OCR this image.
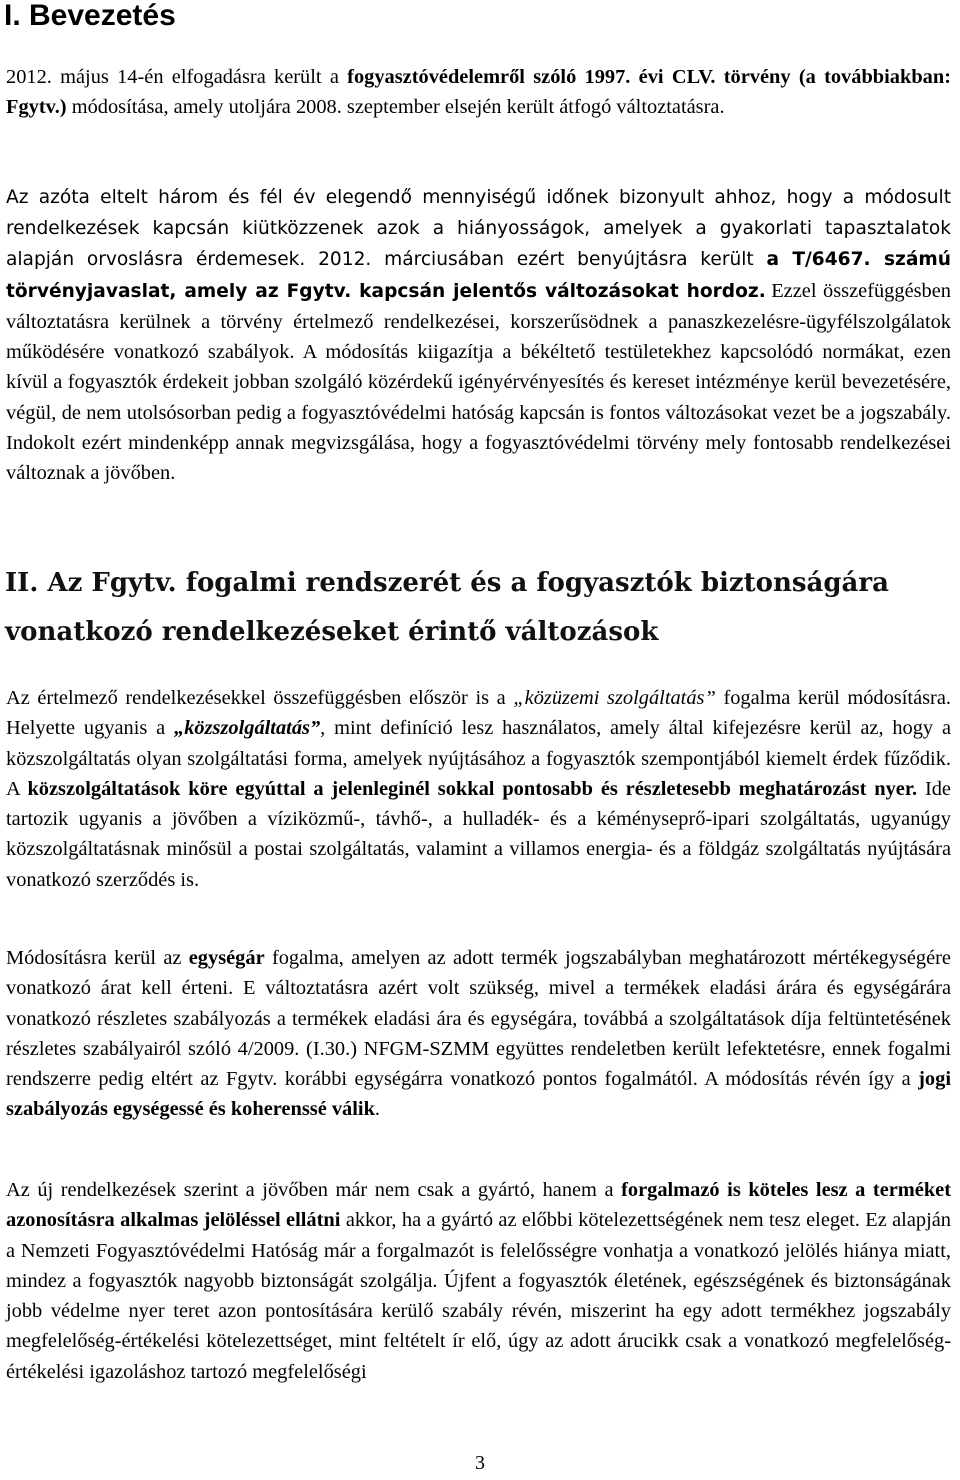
I. Bevezetés

2012. május 14-én elfogadásra került a fogyasztóvédelemről szóló 1997. évi CLV. törvény (a továbbiakban: Fgytv.) módosítása, amely utoljára 2008. szeptember elsején került átfogó változtatásra.

Az azóta eltelt három és fél év elegendő mennyiségű időnek bizonyult ahhoz, hogy a módosult rendelkezések kapcsán kiütközzenek azok a hiányosságok, amelyek a gyakorlati tapasztalatok alapján orvoslásra érdemesek. 2012. márciusában ezért benyújtásra került a T/6467. számú törvényjavaslat, amely az Fgytv. kapcsán jelentős változásokat hordoz. Ezzel összefüggésben változtatásra kerülnek a törvény értelmező rendelkezései, korszerűsödnek a panaszkezelésre-ügyfélszolgálatok működésére vonatkozó szabályok. A módosítás kiigazítja a békéltető testületekhez kapcsolódó normákat, ezen kívül a fogyasztók érdekeit jobban szolgáló közérdekű igényérvényesítés és kereset intézménye kerül bevezetésére, végül, de nem utolsósorban pedig a fogyasztóvédelmi hatóság kapcsán is fontos változásokat vezet be a jogszabály. Indokolt ezért mindenképp annak megvizsgálása, hogy a fogyasztóvédelmi törvény mely fontosabb rendelkezései változnak a jövőben.
II. Az Fgytv. fogalmi rendszerét és a fogyasztók biztonságára vonatkozó rendelkezéseket érintő változások

Az értelmező rendelkezésekkel összefüggésben először is a „közüzemi szolgáltatás” fogalma kerül módosításra. Helyette ugyanis a „közszolgáltatás”, mint definíció lesz használatos, amely által kifejezésre kerül az, hogy a közszolgáltatás olyan szolgáltatási forma, amelyek nyújtásához a fogyasztók szempontjából kiemelt érdek fűződik. A közszolgáltatások köre egyúttal a jelenleginél sokkal pontosabb és részletesebb meghatározást nyer. Ide tartozik ugyanis a jövőben a víziközmű-, távhő-, a hulladék- és a kéményseprő-ipari szolgáltatás, ugyanúgy közszolgáltatásnak minősül a postai szolgáltatás, valamint a villamos energia- és a földgáz szolgáltatás nyújtására vonatkozó szerződés is.

Módosításra kerül az egységár fogalma, amelyen az adott termék jogszabályban meghatározott mértékegységére vonatkozó árat kell érteni. E változtatásra azért volt szükség, mivel a termékek eladási árára és egységárára vonatkozó részletes szabályozás a termékek eladási ára és egységára, továbbá a szolgáltatások díja feltüntetésének részletes szabályairól szóló 4/2009. (I.30.) NFGM-SZMM együttes rendeletben került lefektetésre, ennek fogalmi rendszerre pedig eltért az Fgytv. korábbi egységárra vonatkozó pontos fogalmától. A módosítás révén így a jogi szabályozás egységessé és koherenssé válik.

Az új rendelkezések szerint a jövőben már nem csak a gyártó, hanem a forgalmazó is köteles lesz a terméket azonosításra alkalmas jelöléssel ellátni akkor, ha a gyártó az előbbi kötelezettségének nem tesz eleget. Ez alapján a Nemzeti Fogyasztóvédelmi Hatóság már a forgalmazót is felelősségre vonhatja a vonatkozó jelölés hiánya miatt, mindez a fogyasztók nagyobb biztonságát szolgálja. Újfent a fogyasztók életének, egészségének és biztonságának jobb védelme nyer teret azon pontosítására kerülő szabály révén, miszerint ha egy adott termékhez jogszabály megfelelőség-értékelési kötelezettséget, mint feltételt ír elő, úgy az adott árucikk csak a vonatkozó megfelelőség-értékelési igazoláshoz tartozó megfelelőségi

3
